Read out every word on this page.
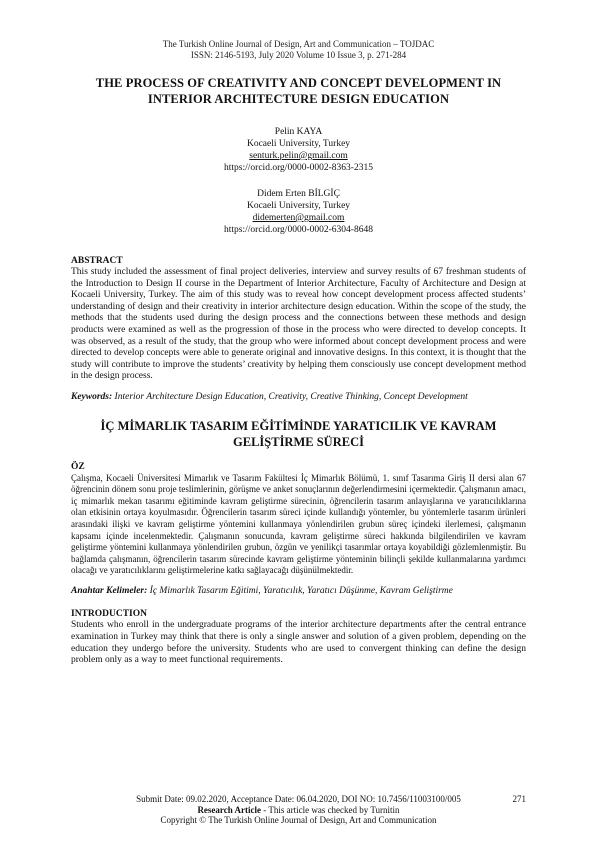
The Turkish Online Journal of Design, Art and Communication – TOJDAC
ISSN: 2146-5193, July 2020 Volume 10 Issue 3, p. 271-284
THE PROCESS OF CREATIVITY AND CONCEPT DEVELOPMENT IN INTERIOR ARCHITECTURE DESIGN EDUCATION
Pelin KAYA
Kocaeli University, Turkey
senturk.pelin@gmail.com
https://orcid.org/0000-0002-8363-2315
Didem Erten BİLGİÇ
Kocaeli University, Turkey
didemerten@gmail.com
https://orcid.org/0000-0002-6304-8648
ABSTRACT
This study included the assessment of final project deliveries, interview and survey results of 67 freshman students of the Introduction to Design II course in the Department of Interior Architecture, Faculty of Architecture and Design at Kocaeli University, Turkey. The aim of this study was to reveal how concept development process affected students’ understanding of design and their creativity in interior architecture design education. Within the scope of the study, the methods that the students used during the design process and the connections between these methods and design products were examined as well as the progression of those in the process who were directed to develop concepts. It was observed, as a result of the study, that the group who were informed about concept development process and were directed to develop concepts were able to generate original and innovative designs. In this context, it is thought that the study will contribute to improve the students’ creativity by helping them consciously use concept development method in the design process.
Keywords: Interior Architecture Design Education, Creativity, Creative Thinking, Concept Development
İÇ MİMARLIK TASARIM EĞİTİMİNDE YARATICILIK VE KAVRAM GELİŞTİRME SÜRECİ
ÖZ
Çalışma, Kocaeli Üniversitesi Mimarlık ve Tasarım Fakültesi İç Mimarlık Bölümü, 1. sınıf Tasarıma Giriş II dersi alan 67 öğrencinin dönem sonu proje teslimlerinin, görüşme ve anket sonuçlarının değerlendirmesini içermektedir. Çalışmanın amacı, iç mimarlık mekan tasarımı eğitiminde kavram geliştirme sürecinin, öğrencilerin tasarım anlayışlarına ve yaratıcılıklarına olan etkisinin ortaya koyulmasıdır. Öğrencilerin tasarım süreci içinde kullandığı yöntemler, bu yöntemlerle tasarım ürünleri arasındaki ilişki ve kavram geliştirme yöntemini kullanmaya yönlendirilen grubun süreç içindeki ilerlemesi, çalışmanın kapsamı içinde incelenmektedir. Çalışmanın sonucunda, kavram geliştirme süreci hakkında bilgilendirilen ve kavram geliştirme yöntemini kullanmaya yönlendirilen grubun, özgün ve yenilikçi tasarımlar ortaya koyabildiği gözlemlenmiştir. Bu bağlamda çalışmanın, öğrencilerin tasarım sürecinde kavram geliştirme yönteminin bilinçli şekilde kullanmalarına yardımcı olacağı ve yaratıcılıklarını geliştirmelerine katkı sağlayacağı düşünülmektedir.
Anahtar Kelimeler: İç Mimarlık Tasarım Eğitimi, Yaratıcılık, Yaratıcı Düşünme, Kavram Geliştirme
INTRODUCTION
Students who enroll in the undergraduate programs of the interior architecture departments after the central entrance examination in Turkey may think that there is only a single answer and solution of a given problem, depending on the education they undergo before the university. Students who are used to convergent thinking can define the design problem only as a way to meet functional requirements.
Submit Date: 09.02.2020, Acceptance Date: 06.04.2020, DOI NO: 10.7456/11003100/005	271
Research Article - This article was checked by Turnitin
Copyright © The Turkish Online Journal of Design, Art and Communication
